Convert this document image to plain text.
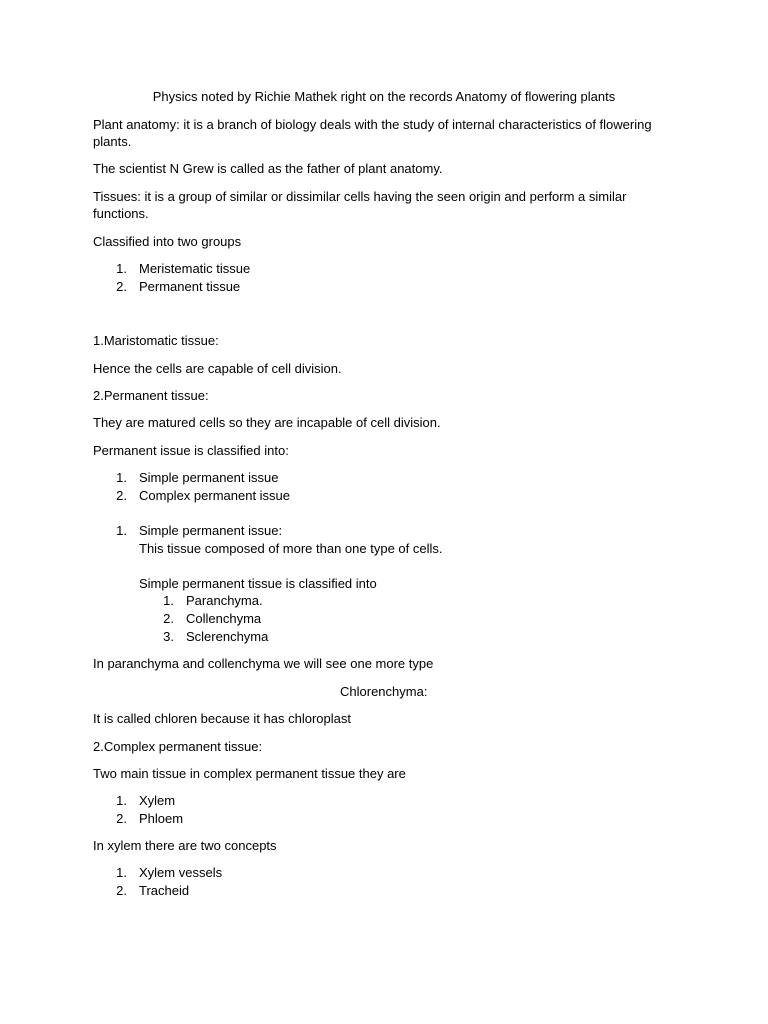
Physics noted by Richie Mathek right on the records Anatomy of flowering plants
Plant anatomy: it is a branch of biology deals with the study of internal characteristics of flowering plants.
The scientist N Grew is called as the father of plant anatomy.
Tissues: it is a group of similar or dissimilar cells having the seen origin and perform a similar functions.
Classified into two groups
1. Meristematic tissue
2. Permanent tissue
1.Maristomatic tissue:
Hence the cells are capable of cell division.
2.Permanent tissue:
They are matured cells so they are incapable of cell division.
Permanent issue is classified into:
1. Simple permanent issue
2. Complex permanent issue
1. Simple permanent issue:
This tissue composed of more than one type of cells.
Simple permanent tissue is classified into
1. Paranchyma.
2. Collenchyma
3. Sclerenchyma
In paranchyma and collenchyma we will see one more type
Chlorenchyma:
It is called chloren because it has chloroplast
2.Complex permanent tissue:
Two main tissue in complex permanent tissue they are
1. Xylem
2. Phloem
In xylem there are two concepts
1. Xylem vessels
2. Tracheid
